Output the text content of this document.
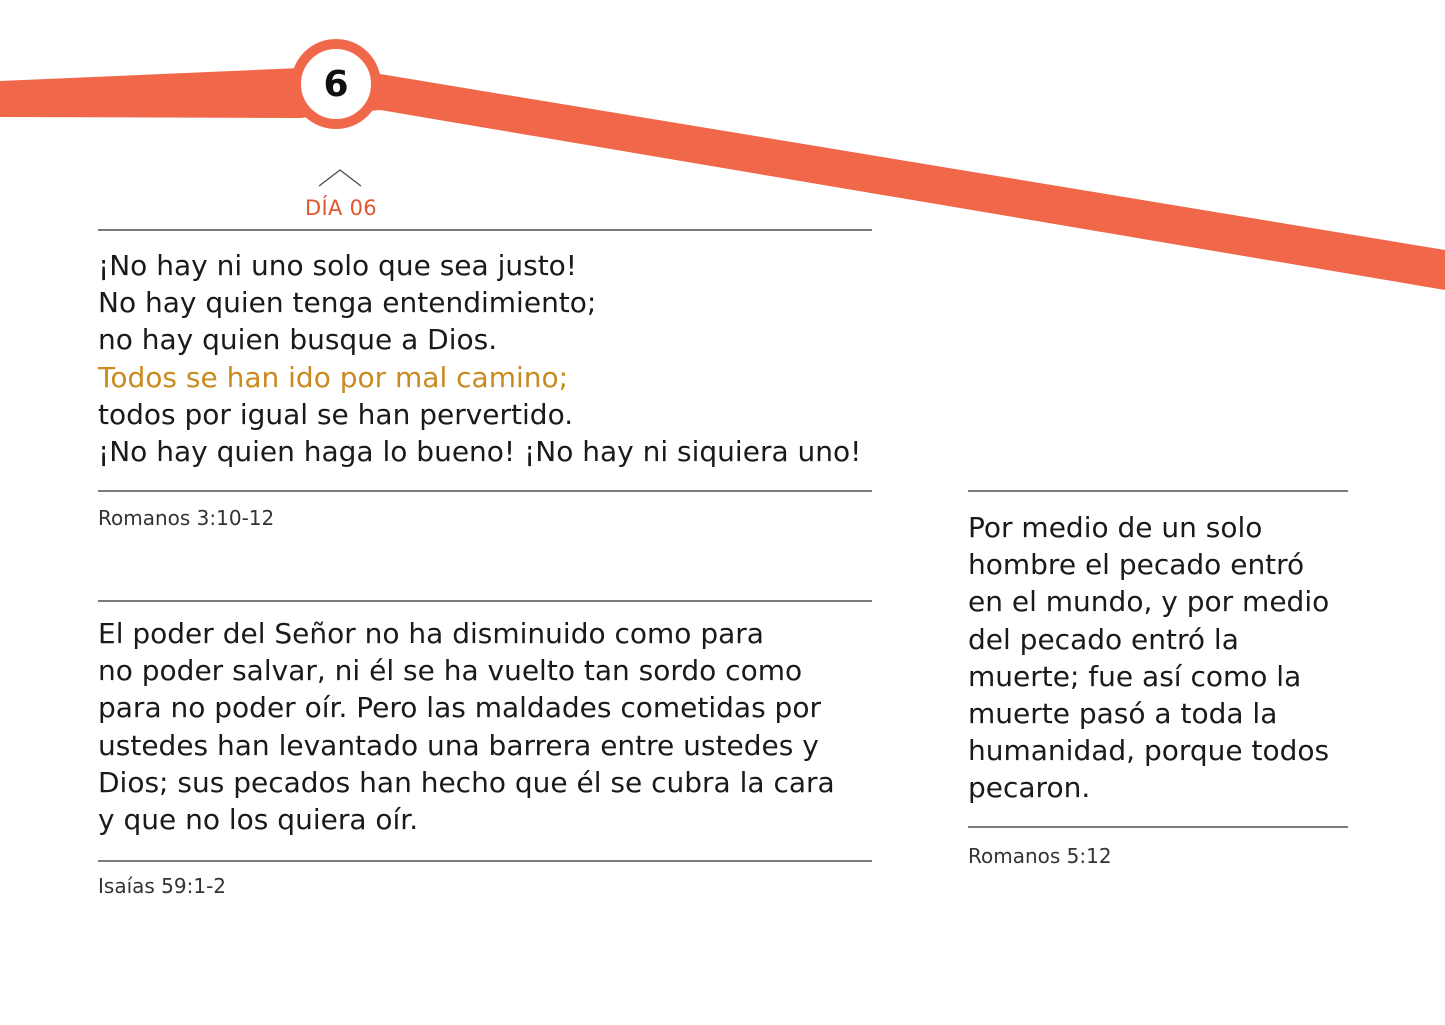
6
DÍA 06
¡No hay ni uno solo que sea justo!
No hay quien tenga entendimiento;
no hay quien busque a Dios.
Todos se han ido por mal camino;
todos por igual se han pervertido.
¡No hay quien haga lo bueno! ¡No hay ni siquiera uno!
Romanos 3:10-12
El poder del Señor no ha disminuido como para
no poder salvar, ni él se ha vuelto tan sordo como
para no poder oír. Pero las maldades cometidas por
ustedes han levantado una barrera entre ustedes y
Dios; sus pecados han hecho que él se cubra la cara
y que no los quiera oír.
Isaías 59:1-2
Por medio de un solo
hombre el pecado entró
en el mundo, y por medio
del pecado entró la
muerte; fue así como la
muerte pasó a toda la
humanidad, porque todos
pecaron.
Romanos 5:12
